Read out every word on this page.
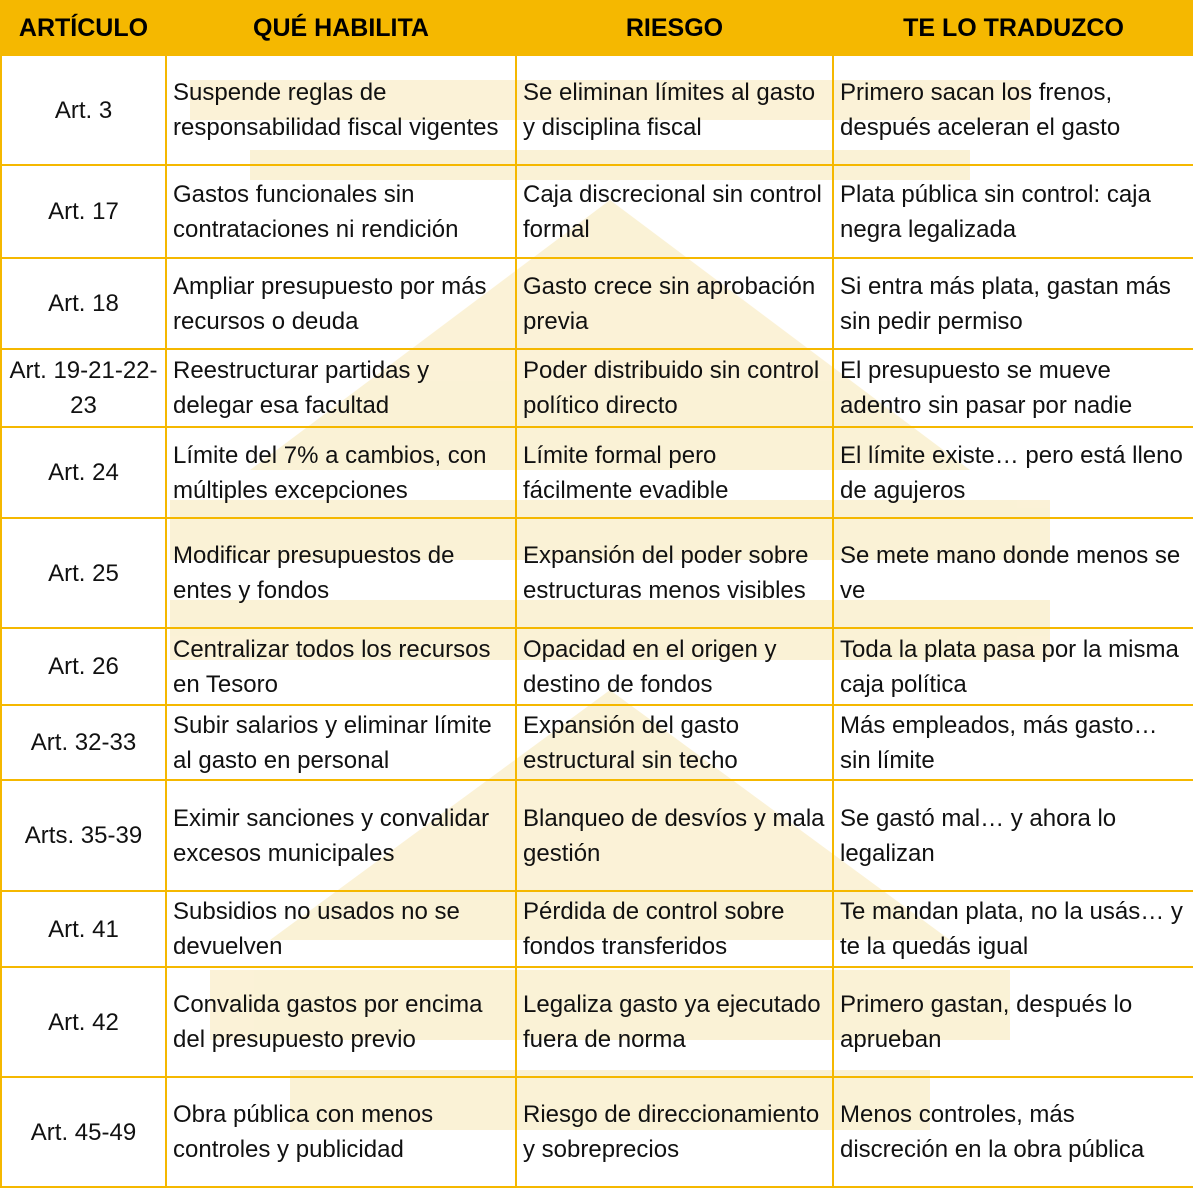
ARTÍCULO	QUÉ HABILITA	RIESGO	TE LO TRADUZCO
Art. 3	Suspende reglas de responsabilidad fiscal vigentes	Se eliminan límites al gasto y disciplina fiscal	Primero sacan los frenos, después aceleran el gasto
Art. 17	Gastos funcionales sin contrataciones ni rendición	Caja discrecional sin control formal	Plata pública sin control: caja negra legalizada
Art. 18	Ampliar presupuesto por más recursos o deuda	Gasto crece sin aprobación previa	Si entra más plata, gastan más sin pedir permiso
Art. 19-21-22-23	Reestructurar partidas y delegar esa facultad	Poder distribuido sin control político directo	El presupuesto se mueve adentro sin pasar por nadie
Art. 24	Límite del 7% a cambios, con múltiples excepciones	Límite formal pero fácilmente evadible	El límite existe… pero está lleno de agujeros
Art. 25	Modificar presupuestos de entes y fondos	Expansión del poder sobre estructuras menos visibles	Se mete mano donde menos se ve
Art. 26	Centralizar todos los recursos en Tesoro	Opacidad en el origen y destino de fondos	Toda la plata pasa por la misma caja política
Art. 32-33	Subir salarios y eliminar límite al gasto en personal	Expansión del gasto estructural sin techo	Más empleados, más gasto… sin límite
Arts. 35-39	Eximir sanciones y convalidar excesos municipales	Blanqueo de desvíos y mala gestión	Se gastó mal… y ahora lo legalizan
Art. 41	Subsidios no usados no se devuelven	Pérdida de control sobre fondos transferidos	Te mandan plata, no la usás… y te la quedás igual
Art. 42	Convalida gastos por encima del presupuesto previo	Legaliza gasto ya ejecutado fuera de norma	Primero gastan, después lo aprueban
Art. 45-49	Obra pública con menos controles y publicidad	Riesgo de direccionamiento y sobreprecios	Menos controles, más discreción en la obra pública
